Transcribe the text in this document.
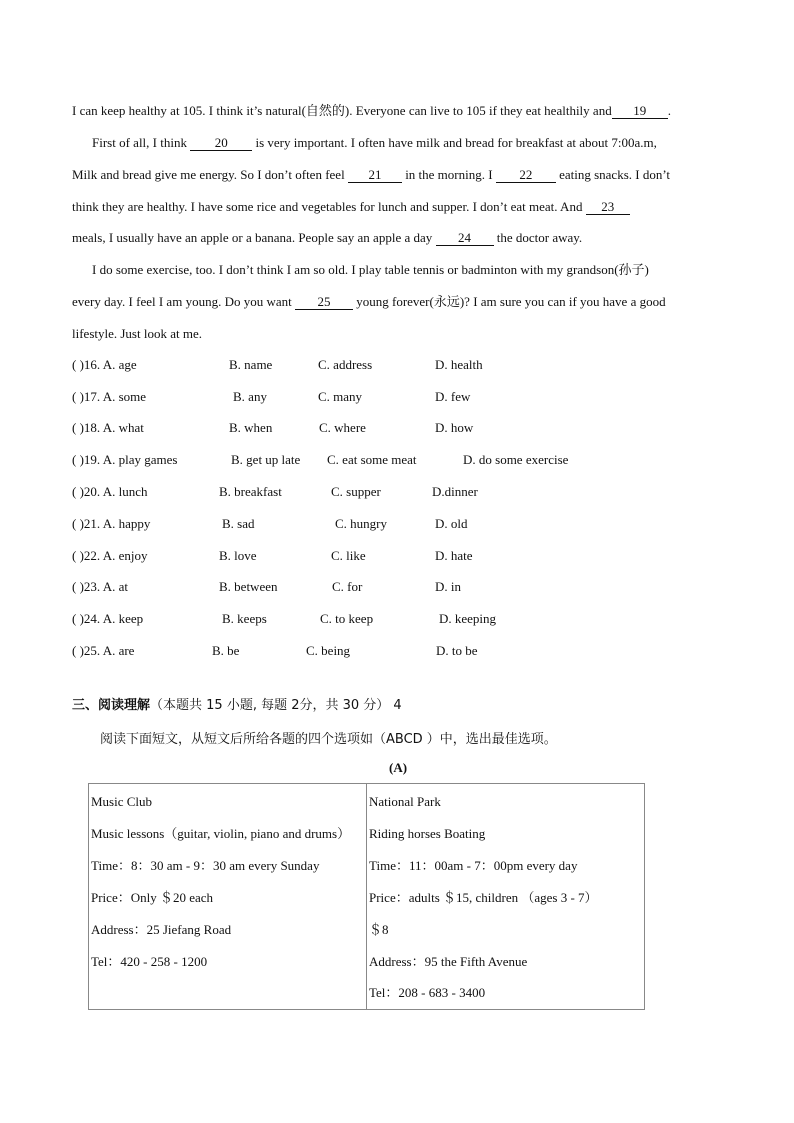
I can keep healthy at 105. I think it’s natural(自然的). Everyone can live to 105 if they eat healthily and 19 .
First of all, I think 20 is very important. I often have milk and bread for breakfast at about 7:00a.m,
Milk and bread give me energy. So I don’t often feel 21 in the morning. I 22 eating snacks. I don’t
think they are healthy. I have some rice and vegetables for lunch and supper. I don’t eat meat. And 23
meals, I usually have an apple or a banana. People say an apple a day 24 the doctor away.
I do some exercise, too. I don’t think I am so old. I play table tennis or badminton with my grandson(孙子)
every day. I feel I am young. Do you want 25 young forever(永远)? I am sure you can if you have a good
lifestyle. Just look at me.
( )16. A. age	B. name	C. address	D. health
( )17. A. some	B. any	C. many	D. few
( )18. A. what	B. when	C. where	D. how
( )19. A. play games	B. get up late C. eat some meat	D. do some exercise
( )20. A. lunch	B. breakfast	C. supper	D.dinner
( )21. A. happy	B. sad	C. hungry	D. old
( )22. A. enjoy	B. love	C. like	D. hate
( )23. A. at	B. between	C. for	D. in
( )24. A. keep	B. keeps	C. to keep	D. keeping
( )25. A. are	B. be	C. being	D. to be
三、阅读理解（本题共 15 小题, 每题 2分，共 30 分） 4
阅读下面短文，从短文后所给各题的四个选项如（ABCD ）中，选出最佳选项。
(A)
Music Club
Music lessons（guitar, violin, piano and drums）
Time：8：30 am - 9：30 am every Sunday
Price：Only ＄20 each
Address：25 Jiefang Road
Tel：420 - 258 - 1200

National Park
Riding horses Boating
Time：11：00am - 7：00pm every day
Price：adults ＄15, children （ages 3 - 7）
＄8
Address：95 the Fifth Avenue
Tel：208 - 683 - 3400
